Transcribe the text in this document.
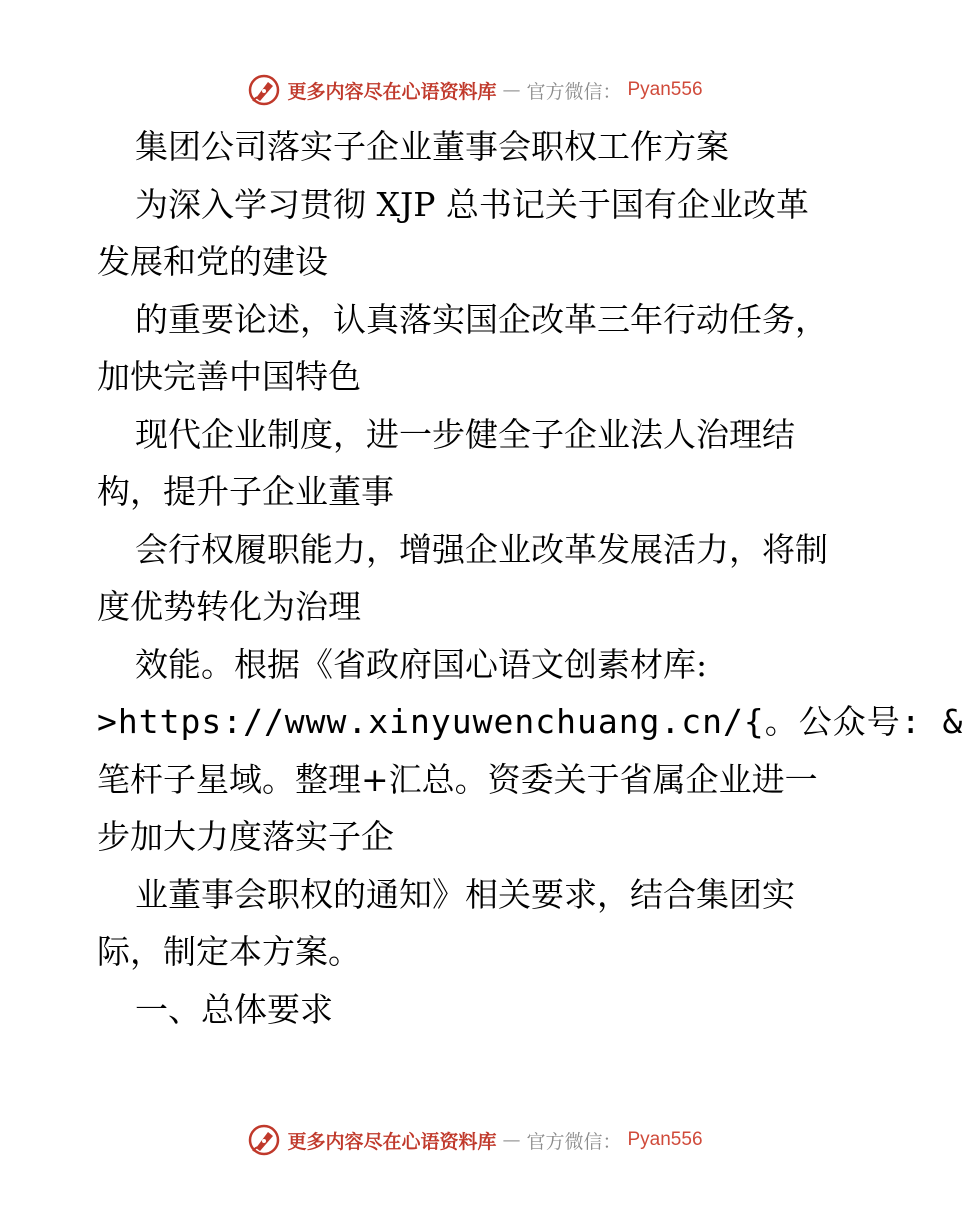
更多内容尽在心语资料库 — 官方微信： Pyan556
集团公司落实子企业董事会职权工作方案
为深入学习贯彻 XJP 总书记关于国有企业改革
发展和党的建设
的重要论述，认真落实国企改革三年行动任务，
加快完善中国特色
现代企业制度，进一步健全子企业法人治理结
构，提升子企业董事
会行权履职能力，增强企业改革发展活力，将制
度优势转化为治理
效能。根据《省政府国心语文创素材库:
>https://www.xinyuwenchuang.cn/{。公众号: &
笔杆子星域。整理+汇总。资委关于省属企业进一
步加大力度落实子企
业董事会职权的通知》相关要求，结合集团实
际，制定本方案。
一、总体要求
更多内容尽在心语资料库 — 官方微信： Pyan556
